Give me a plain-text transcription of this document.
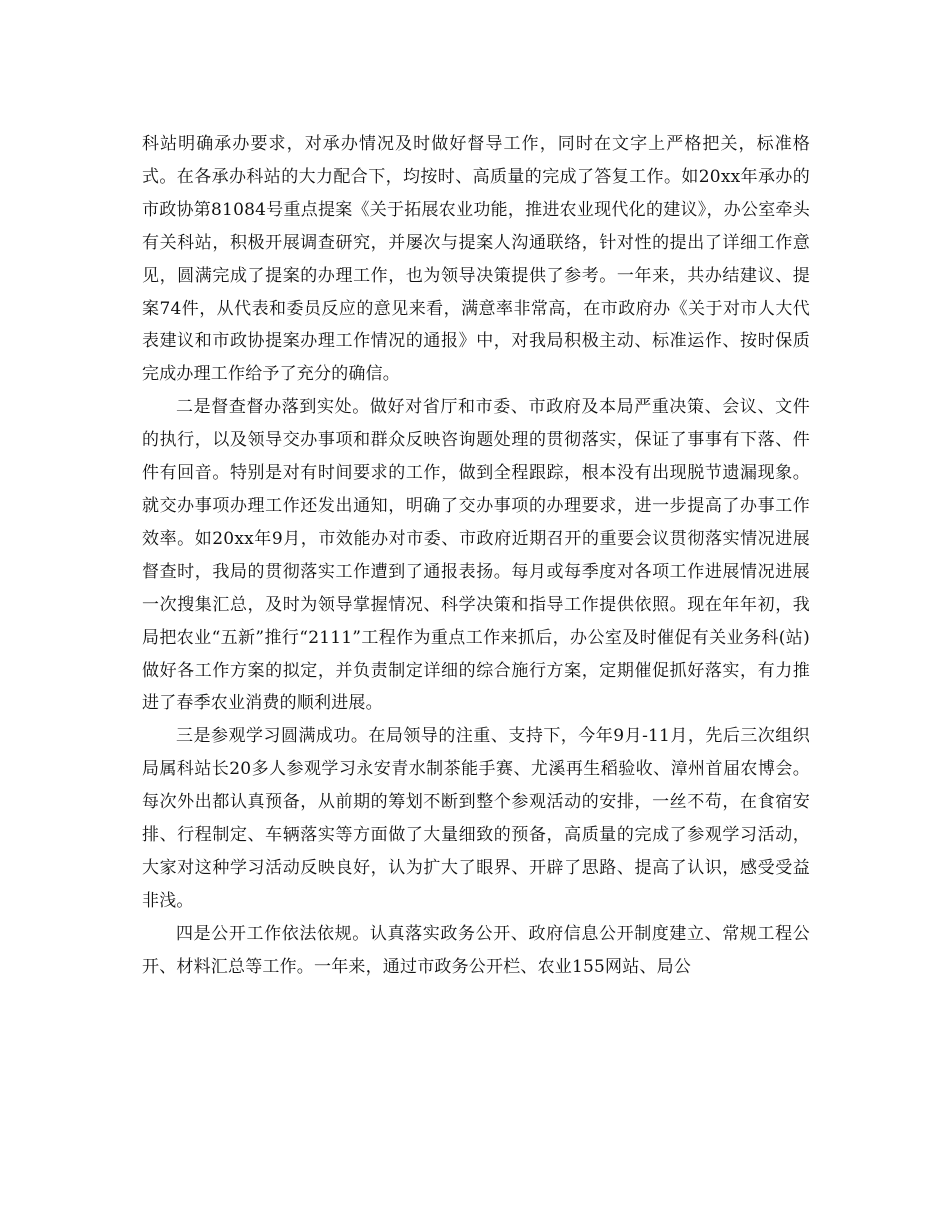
科站明确承办要求，对承办情况及时做好督导工作，同时在文字上严格把关，标准格式。在各承办科站的大力配合下，均按时、高质量的完成了答复工作。如20xx年承办的市政协第81084号重点提案《关于拓展农业功能，推进农业现代化的建议》，办公室牵头有关科站，积极开展调查研究，并屡次与提案人沟通联络，针对性的提出了详细工作意见，圆满完成了提案的办理工作，也为领导决策提供了参考。一年来，共办结建议、提案74件，从代表和委员反应的意见来看，满意率非常高，在市政府办《关于对市人大代表建议和市政协提案办理工作情况的通报》中，对我局积极主动、标准运作、按时保质完成办理工作给予了充分的确信。

二是督查督办落到实处。做好对省厅和市委、市政府及本局严重决策、会议、文件的执行，以及领导交办事项和群众反映咨询题处理的贯彻落实，保证了事事有下落、件件有回音。特别是对有时间要求的工作，做到全程跟踪，根本没有出现脱节遗漏现象。就交办事项办理工作还发出通知，明确了交办事项的办理要求，进一步提高了办事工作效率。如20xx年9月，市效能办对市委、市政府近期召开的重要会议贯彻落实情况进展督查时，我局的贯彻落实工作遭到了通报表扬。每月或每季度对各项工作进展情况进展一次搜集汇总，及时为领导掌握情况、科学决策和指导工作提供依照。现在年年初，我局把农业“五新”推行“2111”工程作为重点工作来抓后，办公室及时催促有关业务科(站)做好各工作方案的拟定，并负责制定详细的综合施行方案，定期催促抓好落实，有力推进了春季农业消费的顺利进展。

三是参观学习圆满成功。在局领导的注重、支持下，今年9月-11月，先后三次组织局属科站长20多人参观学习永安青水制茶能手赛、尤溪再生稻验收、漳州首届农博会。每次外出都认真预备，从前期的筹划不断到整个参观活动的安排，一丝不苟，在食宿安排、行程制定、车辆落实等方面做了大量细致的预备，高质量的完成了参观学习活动，大家对这种学习活动反映良好，认为扩大了眼界、开辟了思路、提高了认识，感受受益非浅。

四是公开工作依法依规。认真落实政务公开、政府信息公开制度建立、常规工程公开、材料汇总等工作。一年来，通过市政务公开栏、农业155网站、局公
